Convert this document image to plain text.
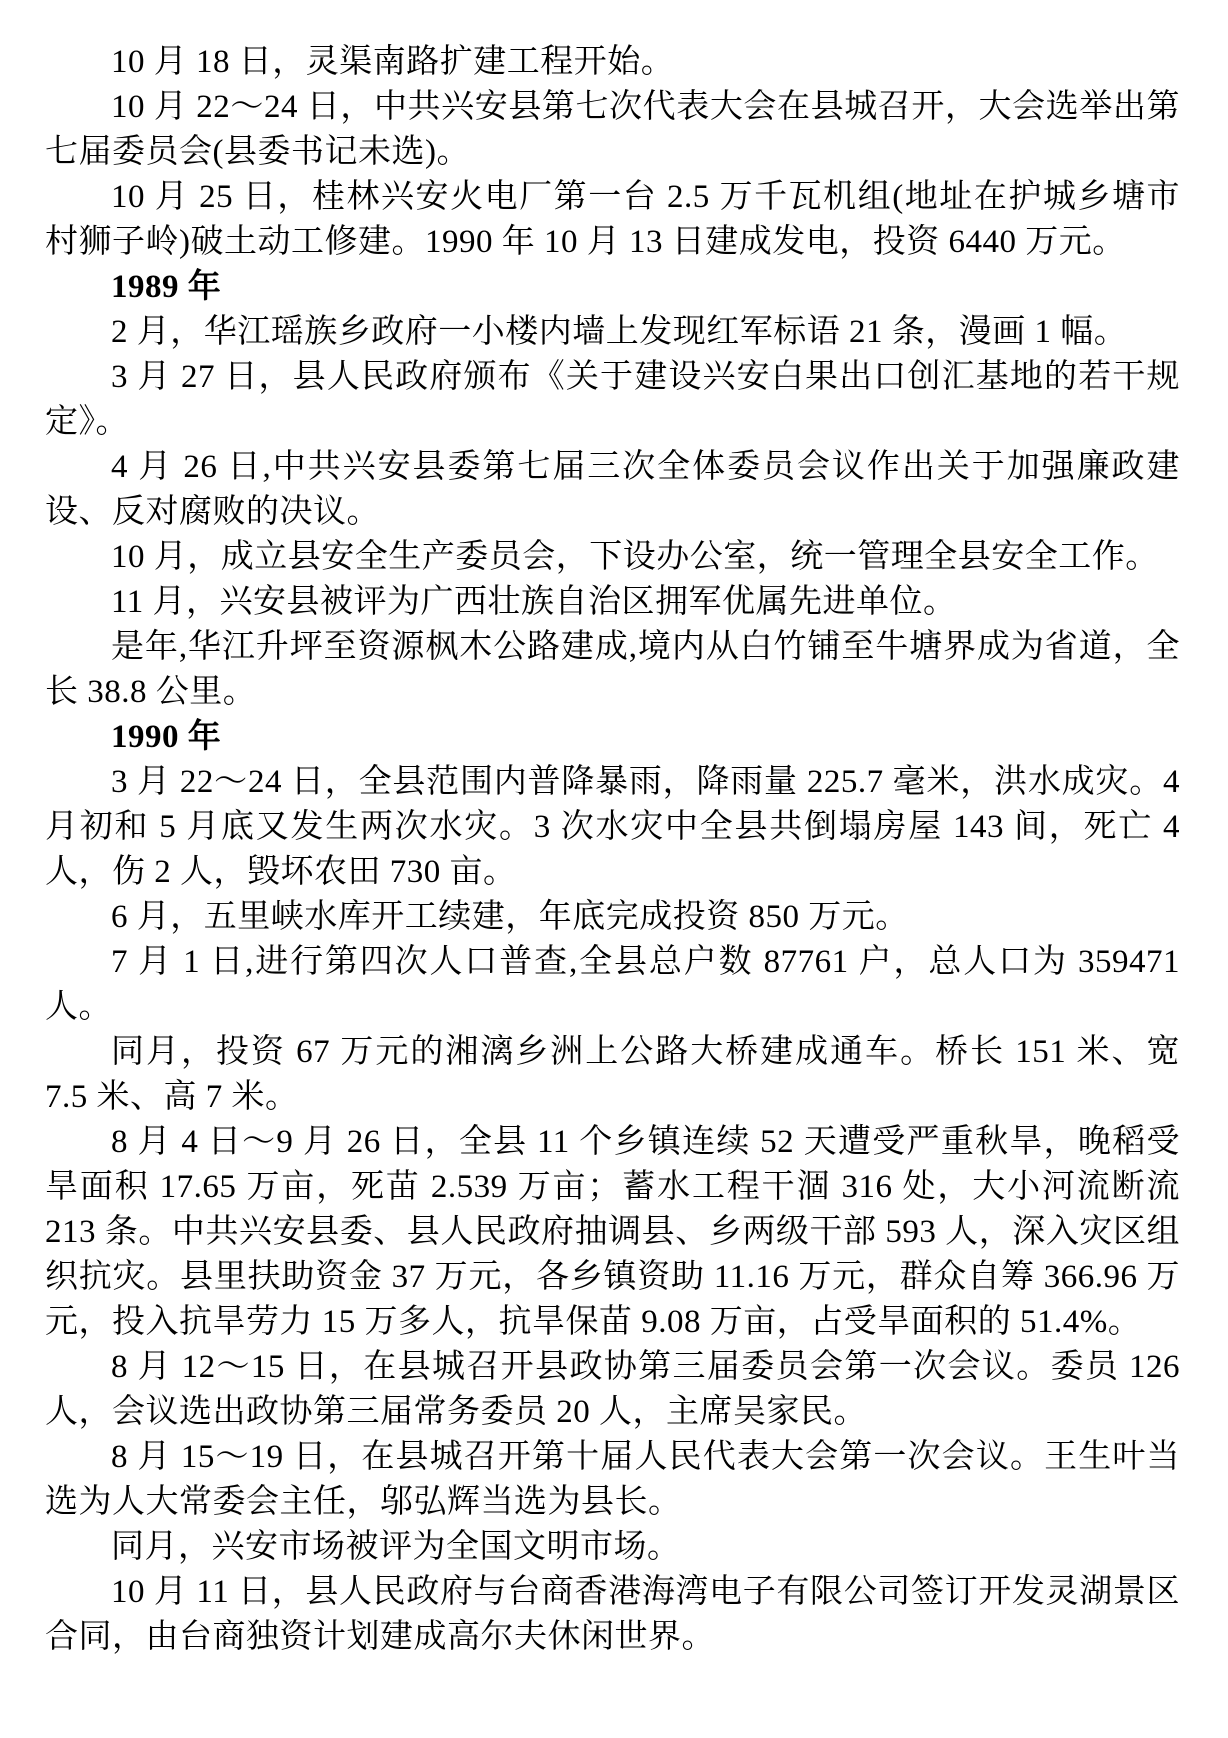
10 月 18 日，灵渠南路扩建工程开始。

10 月 22～24 日，中共兴安县第七次代表大会在县城召开，大会选举出第七届委员会(县委书记未选)。

10 月 25 日，桂林兴安火电厂第一台 2.5 万千瓦机组(地址在护城乡塘市村狮子岭)破土动工修建。1990 年 10 月 13 日建成发电，投资 6440 万元。

1989 年

2 月，华江瑶族乡政府一小楼内墙上发现红军标语 21 条，漫画 1 幅。

3 月 27 日，县人民政府颁布《关于建设兴安白果出口创汇基地的若干规定》。

4 月 26 日,中共兴安县委第七届三次全体委员会议作出关于加强廉政建设、反对腐败的决议。

10 月，成立县安全生产委员会，下设办公室，统一管理全县安全工作。

11 月，兴安县被评为广西壮族自治区拥军优属先进单位。

是年,华江升坪至资源枫木公路建成,境内从白竹铺至牛塘界成为省道，全长 38.8 公里。

1990 年

3 月 22～24 日，全县范围内普降暴雨，降雨量 225.7 毫米，洪水成灾。4 月初和 5 月底又发生两次水灾。3 次水灾中全县共倒塌房屋 143 间，死亡 4 人，伤 2 人，毁坏农田 730 亩。

6 月，五里峡水库开工续建，年底完成投资 850 万元。

7 月 1 日,进行第四次人口普查,全县总户数 87761 户，总人口为 359471 人。

同月，投资 67 万元的湘漓乡洲上公路大桥建成通车。桥长 151 米、宽 7.5 米、高 7 米。

8 月 4 日～9 月 26 日，全县 11 个乡镇连续 52 天遭受严重秋旱，晚稻受旱面积 17.65 万亩，死苗 2.539 万亩；蓄水工程干涸 316 处，大小河流断流 213 条。中共兴安县委、县人民政府抽调县、乡两级干部 593 人，深入灾区组织抗灾。县里扶助资金 37 万元，各乡镇资助 11.16 万元，群众自筹 366.96 万元，投入抗旱劳力 15 万多人，抗旱保苗 9.08 万亩，占受旱面积的 51.4%。

8 月 12～15 日，在县城召开县政协第三届委员会第一次会议。委员 126 人，会议选出政协第三届常务委员 20 人，主席吴家民。

8 月 15～19 日，在县城召开第十届人民代表大会第一次会议。王生叶当选为人大常委会主任，邬弘辉当选为县长。

同月，兴安市场被评为全国文明市场。

10 月 11 日，县人民政府与台商香港海湾电子有限公司签订开发灵湖景区合同，由台商独资计划建成高尔夫休闲世界。
